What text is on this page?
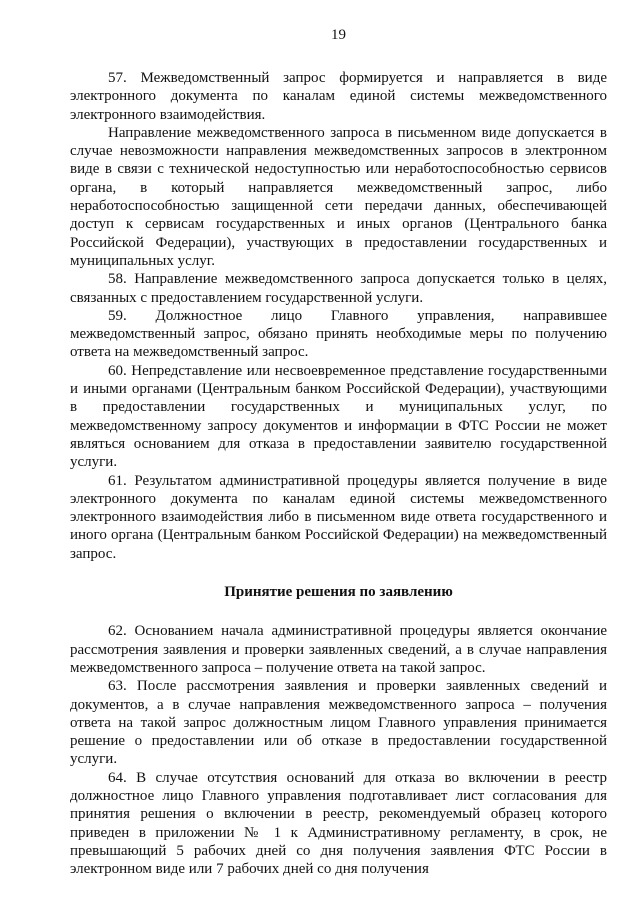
19

57. Межведомственный запрос формируется и направляется в виде электронного документа по каналам единой системы межведомственного электронного взаимодействия.

Направление межведомственного запроса в письменном виде допускается в случае невозможности направления межведомственных запросов в электронном виде в связи с технической недоступностью или неработоспособностью сервисов органа, в который направляется межведомственный запрос, либо неработоспособностью защищенной сети передачи данных, обеспечивающей доступ к сервисам государственных и иных органов (Центрального банка Российской Федерации), участвующих в предоставлении государственных и муниципальных услуг.

58. Направление межведомственного запроса допускается только в целях, связанных с предоставлением государственной услуги.

59. Должностное лицо Главного управления, направившее межведомственный запрос, обязано принять необходимые меры по получению ответа на межведомственный запрос.

60. Непредставление или несвоевременное представление государственными и иными органами (Центральным банком Российской Федерации), участвующими в предоставлении государственных и муниципальных услуг, по межведомственному запросу документов и информации в ФТС России не может являться основанием для отказа в предоставлении заявителю государственной услуги.

61. Результатом административной процедуры является получение в виде электронного документа по каналам единой системы межведомственного электронного взаимодействия либо в письменном виде ответа государственного и иного органа (Центральным банком Российской Федерации) на межведомственный запрос.

Принятие решения по заявлению

62. Основанием начала административной процедуры является окончание рассмотрения заявления и проверки заявленных сведений, а в случае направления межведомственного запроса – получение ответа на такой запрос.

63. После рассмотрения заявления и проверки заявленных сведений и документов, а в случае направления межведомственного запроса – получения ответа на такой запрос должностным лицом Главного управления принимается решение о предоставлении или об отказе в предоставлении государственной услуги.

64. В случае отсутствия оснований для отказа во включении в реестр должностное лицо Главного управления подготавливает лист согласования для принятия решения о включении в реестр, рекомендуемый образец которого приведен в приложении № 1 к Административному регламенту, в срок, не превышающий 5 рабочих дней со дня получения заявления ФТС России в электронном виде или 7 рабочих дней со дня получения
